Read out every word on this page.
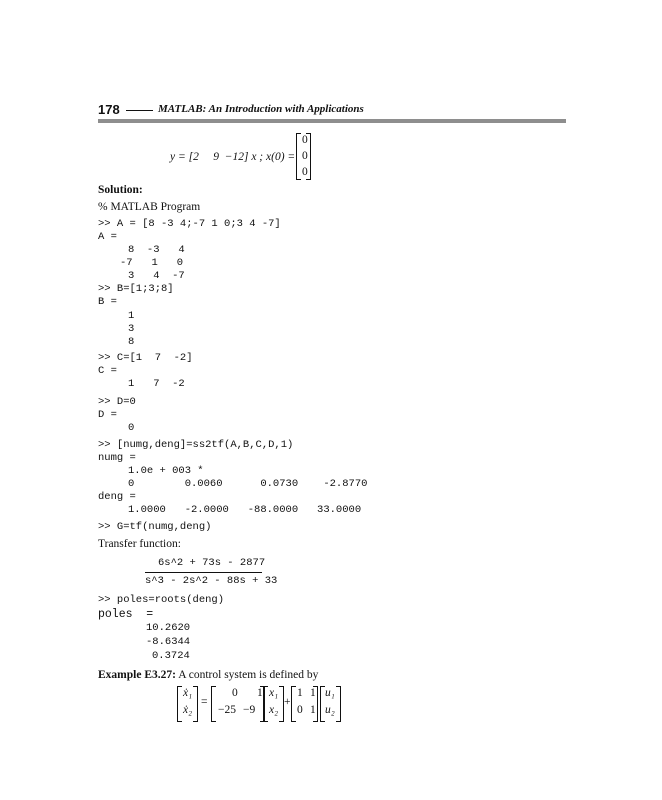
178	MATLAB: An Introduction with Applications
y = [2     9  −12] x ; x(0) =
0
0
0
Solution:
% MATLAB Program
>> A = [8 -3 4;-7 1 0;3 4 -7]
A =
8  -3   4
-7   1   0
3   4  -7
>> B=[1;3;8]
B =
1
3
8
>> C=[1  7  -2]
C =
1   7  -2
>> D=0
D =
0
>> [numg,deng]=ss2tf(A,B,C,D,1)
numg =
1.0e + 003 *
0        0.0060      0.0730    -2.8770
deng =
1.0000   -2.0000   -88.0000   33.0000
>> G=tf(numg,deng)
Transfer function:
6s^2 + 73s - 2877
s^3 - 2s^2 - 88s + 33
>> poles=roots(deng)
poles  =
10.2620
-8.6344
0.3724
Example E3.27: A control system is defined by
ẋ₁
ẋ₂
=
0 1
−25 −9
x₁
x₂
+
1 1
0 1
u₁
u₂
